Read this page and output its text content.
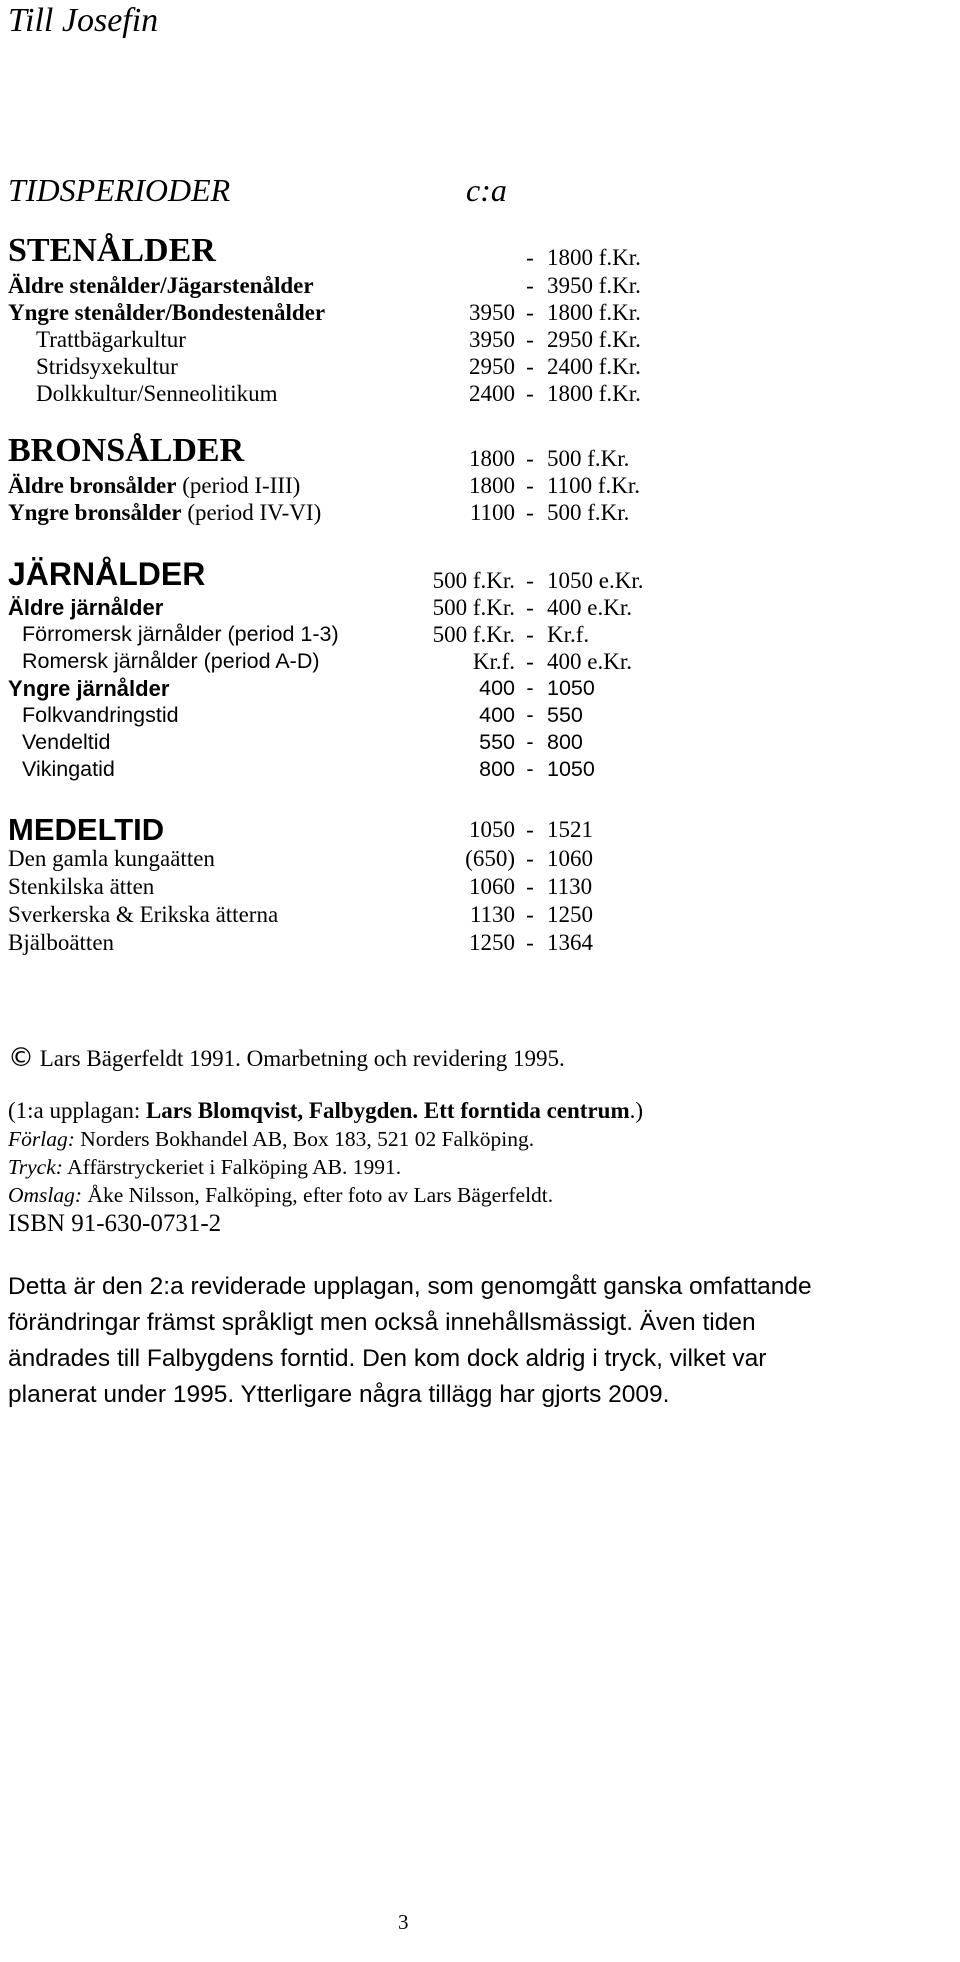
Till Josefin
TIDSPERIODER	c:a
STENÅLDER	- 1800 f.Kr.
Äldre stenålder/Jägarstenålder	- 3950 f.Kr.
Yngre stenålder/Bondestenålder	3950 - 1800 f.Kr.
Trattbägarkultur	3950 - 2950 f.Kr.
Stridsyxekultur	2950 - 2400 f.Kr.
Dolkkultur/Senneolitikum	2400 - 1800 f.Kr.
BRONSÅLDER	1800 - 500 f.Kr.
Äldre bronsålder (period I-III)	1800 - 1100 f.Kr.
Yngre bronsålder (period IV-VI)	1100 - 500 f.Kr.
JÄRNÅLDER	500 f.Kr. - 1050 e.Kr.
Äldre järnålder	500 f.Kr. - 400 e.Kr.
Förromersk järnålder (period 1-3)	500 f.Kr. - Kr.f.
Romersk järnålder (period A-D)	Kr.f. - 400 e.Kr.
Yngre järnålder	400 - 1050
Folkvandringstid	400 - 550
Vendeltid	550 - 800
Vikingatid	800 - 1050
MEDELTID	1050 - 1521
Den gamla kungaätten	(650) - 1060
Stenkilska ätten	1060 - 1130
Sverkerska & Erikska ätterna	1130 - 1250
Bjälboätten	1250 - 1364
© Lars Bägerfeldt 1991. Omarbetning och revidering 1995.
(1:a upplagan: Lars Blomqvist, Falbygden. Ett forntida centrum.)
Förlag: Norders Bokhandel AB, Box 183, 521 02 Falköping.
Tryck: Affärstryckeriet i Falköping AB. 1991.
Omslag: Åke Nilsson, Falköping, efter foto av Lars Bägerfeldt.
ISBN 91-630-0731-2
Detta är den 2:a reviderade upplagan, som genomgått ganska omfattande
förändringar främst språkligt men också innehållsmässigt. Även tiden
ändrades till Falbygdens forntid. Den kom dock aldrig i tryck, vilket var
planerat under 1995. Ytterligare några tillägg har gjorts 2009.
3
